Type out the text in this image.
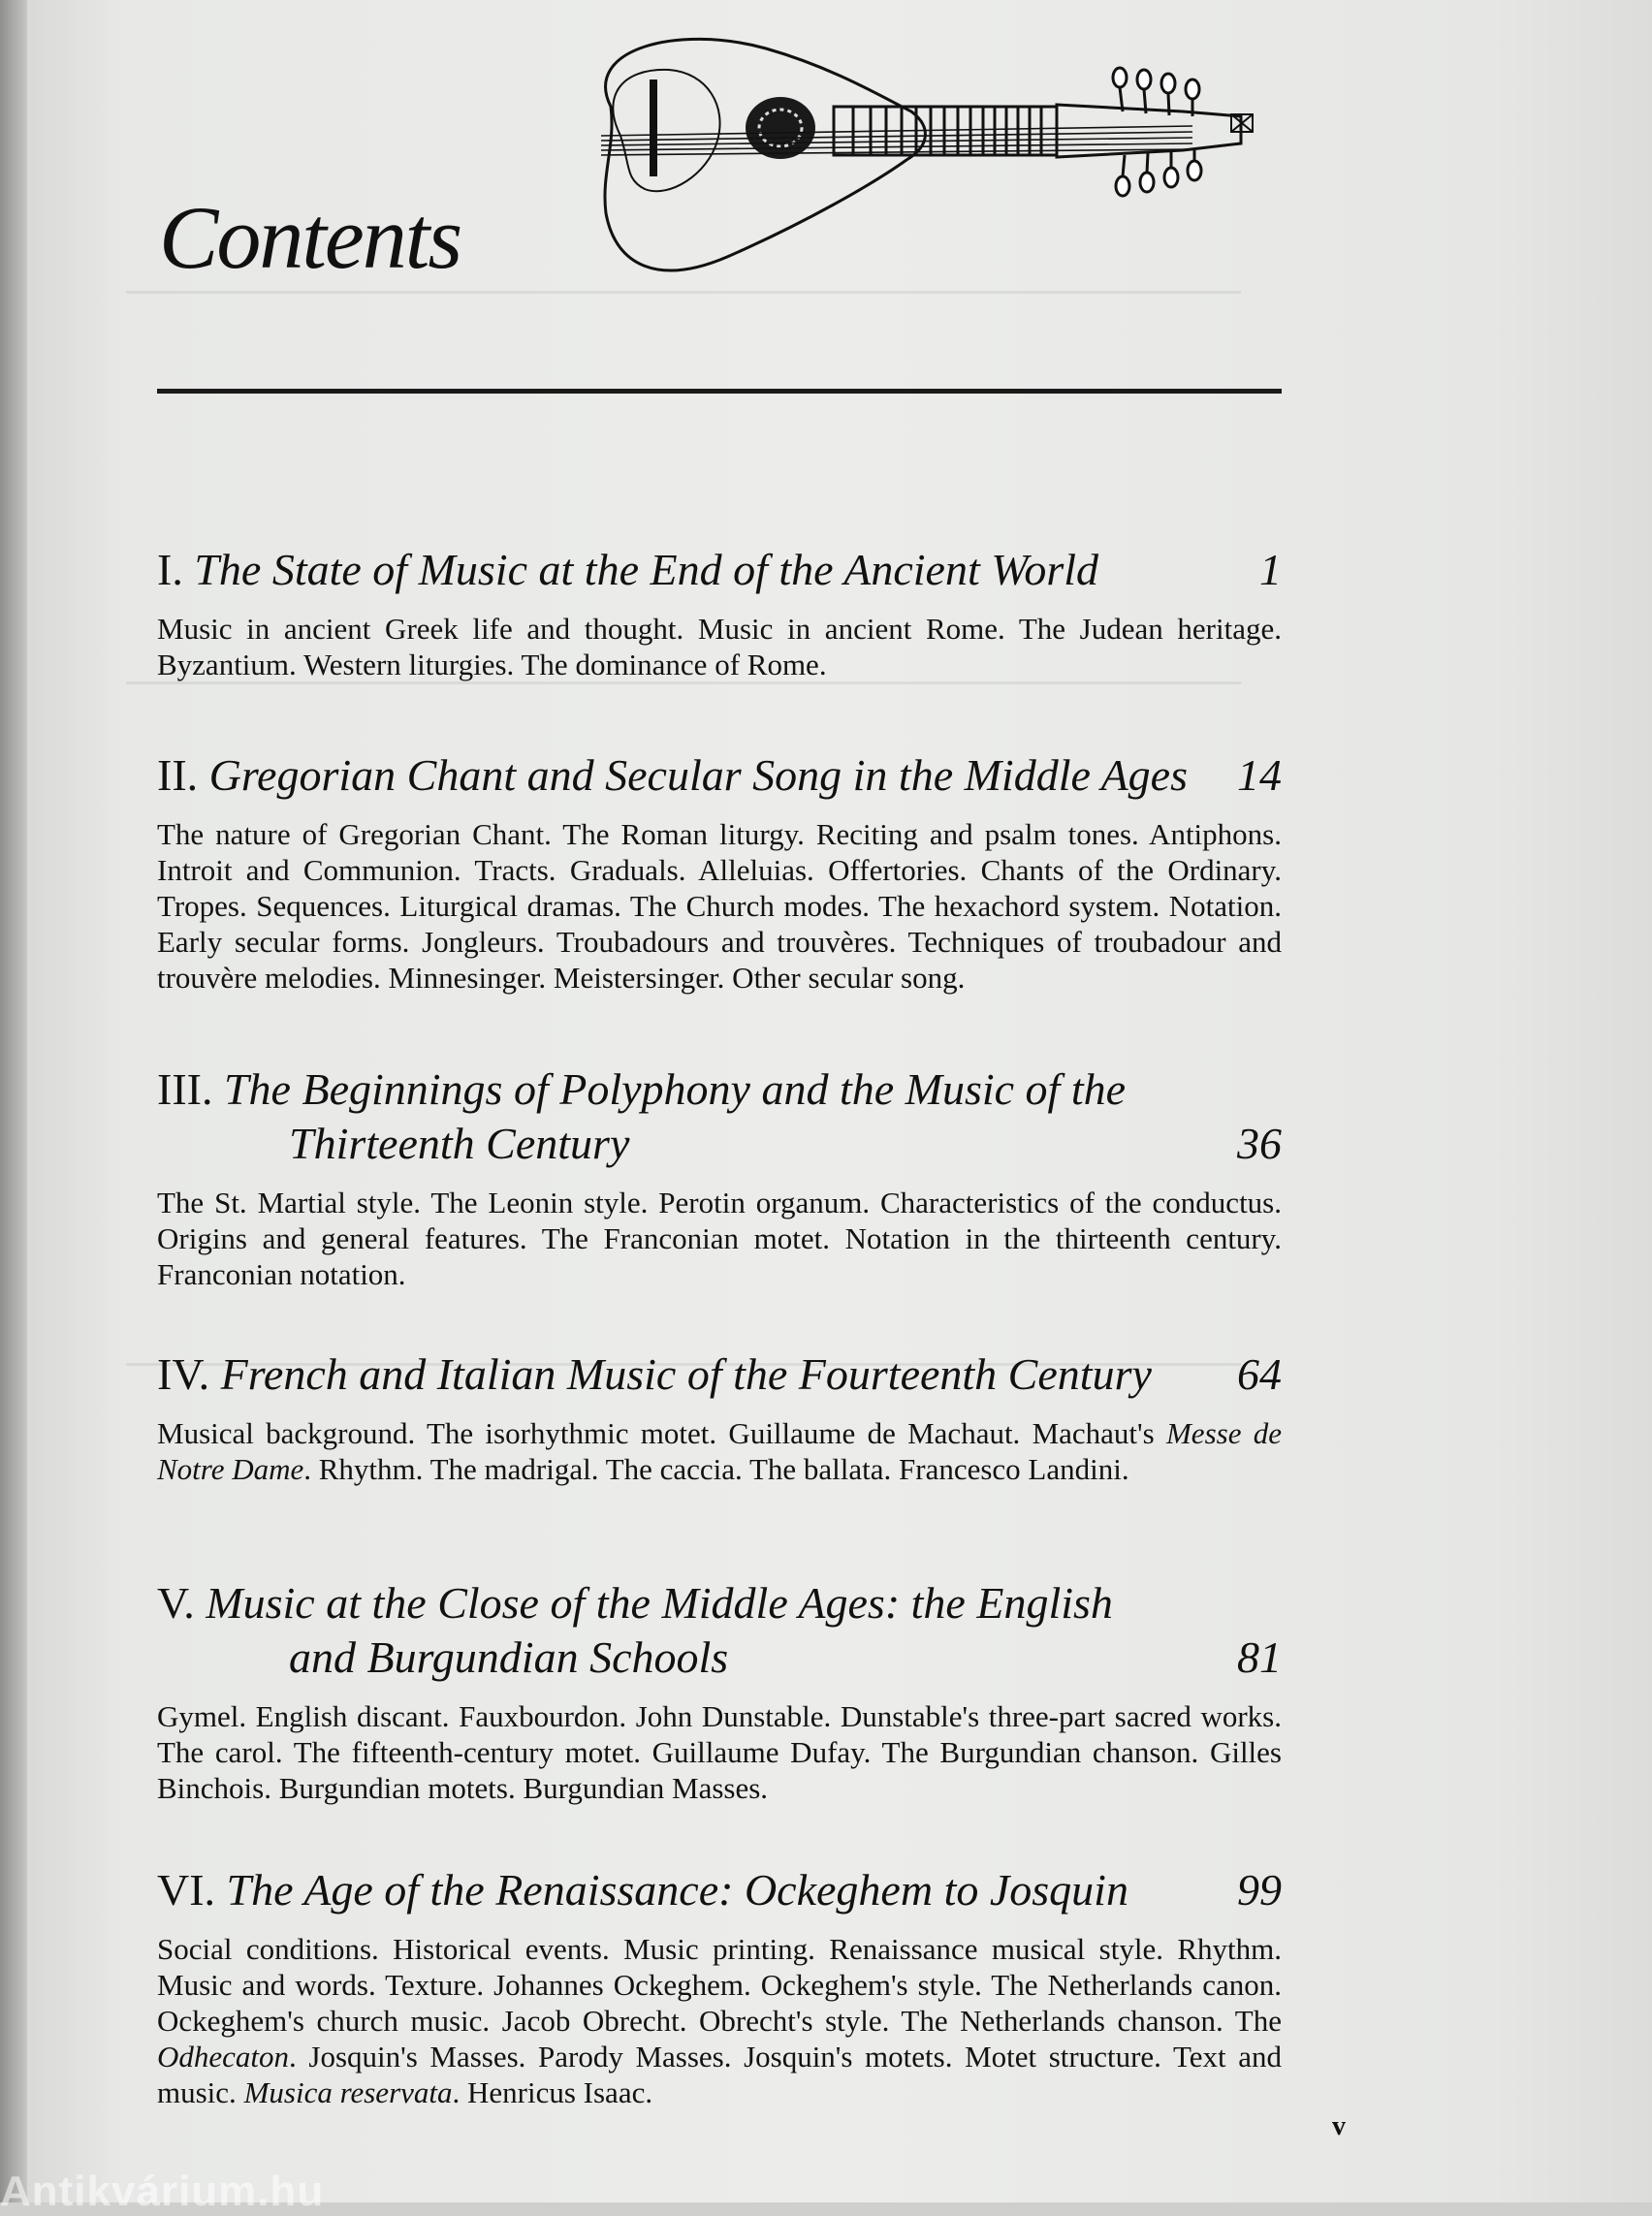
Contents
I. The State of Music at the End of the Ancient World	1
Music in ancient Greek life and thought. Music in ancient Rome. The Judean heritage. Byzantium. Western liturgies. The dominance of Rome.
II. Gregorian Chant and Secular Song in the Middle Ages 14
The nature of Gregorian Chant. The Roman liturgy. Reciting and psalm tones. Antiphons. Introit and Communion. Tracts. Graduals. Alleluias. Offertories. Chants of the Ordinary. Tropes. Sequences. Liturgical dramas. The Church modes. The hexachord system. Notation. Early secular forms. Jongleurs. Troubadours and trouvères. Techniques of troubadour and trouvère melodies. Minnesinger. Meistersinger. Other secular song.
III. The Beginnings of Polyphony and the Music of the
Thirteenth Century	36
The St. Martial style. The Leonin style. Perotin organum. Characteristics of the conductus. Origins and general features. The Franconian motet. Notation in the thirteenth century. Franconian notation.
IV. French and Italian Music of the Fourteenth Century 64
Musical background. The isorhythmic motet. Guillaume de Machaut. Machaut's Messe de Notre Dame. Rhythm. The madrigal. The caccia. The ballata. Francesco Landini.
V. Music at the Close of the Middle Ages: the English
and Burgundian Schools	81
Gymel. English discant. Fauxbourdon. John Dunstable. Dunstable's three-part sacred works. The carol. The fifteenth-century motet. Guillaume Dufay. The Burgundian chanson. Gilles Binchois. Burgundian motets. Burgundian Masses.
VI. The Age of the Renaissance: Ockeghem to Josquin 99
Social conditions. Historical events. Music printing. Renaissance musical style. Rhythm. Music and words. Texture. Johannes Ockeghem. Ockeghem's style. The Netherlands canon. Ockeghem's church music. Jacob Obrecht. Obrecht's style. The Netherlands chanson. The Odhecaton. Josquin's Masses. Parody Masses. Josquin's motets. Motet structure. Text and music. Musica reservata. Henricus Isaac.
v
Antikvárium.hu
